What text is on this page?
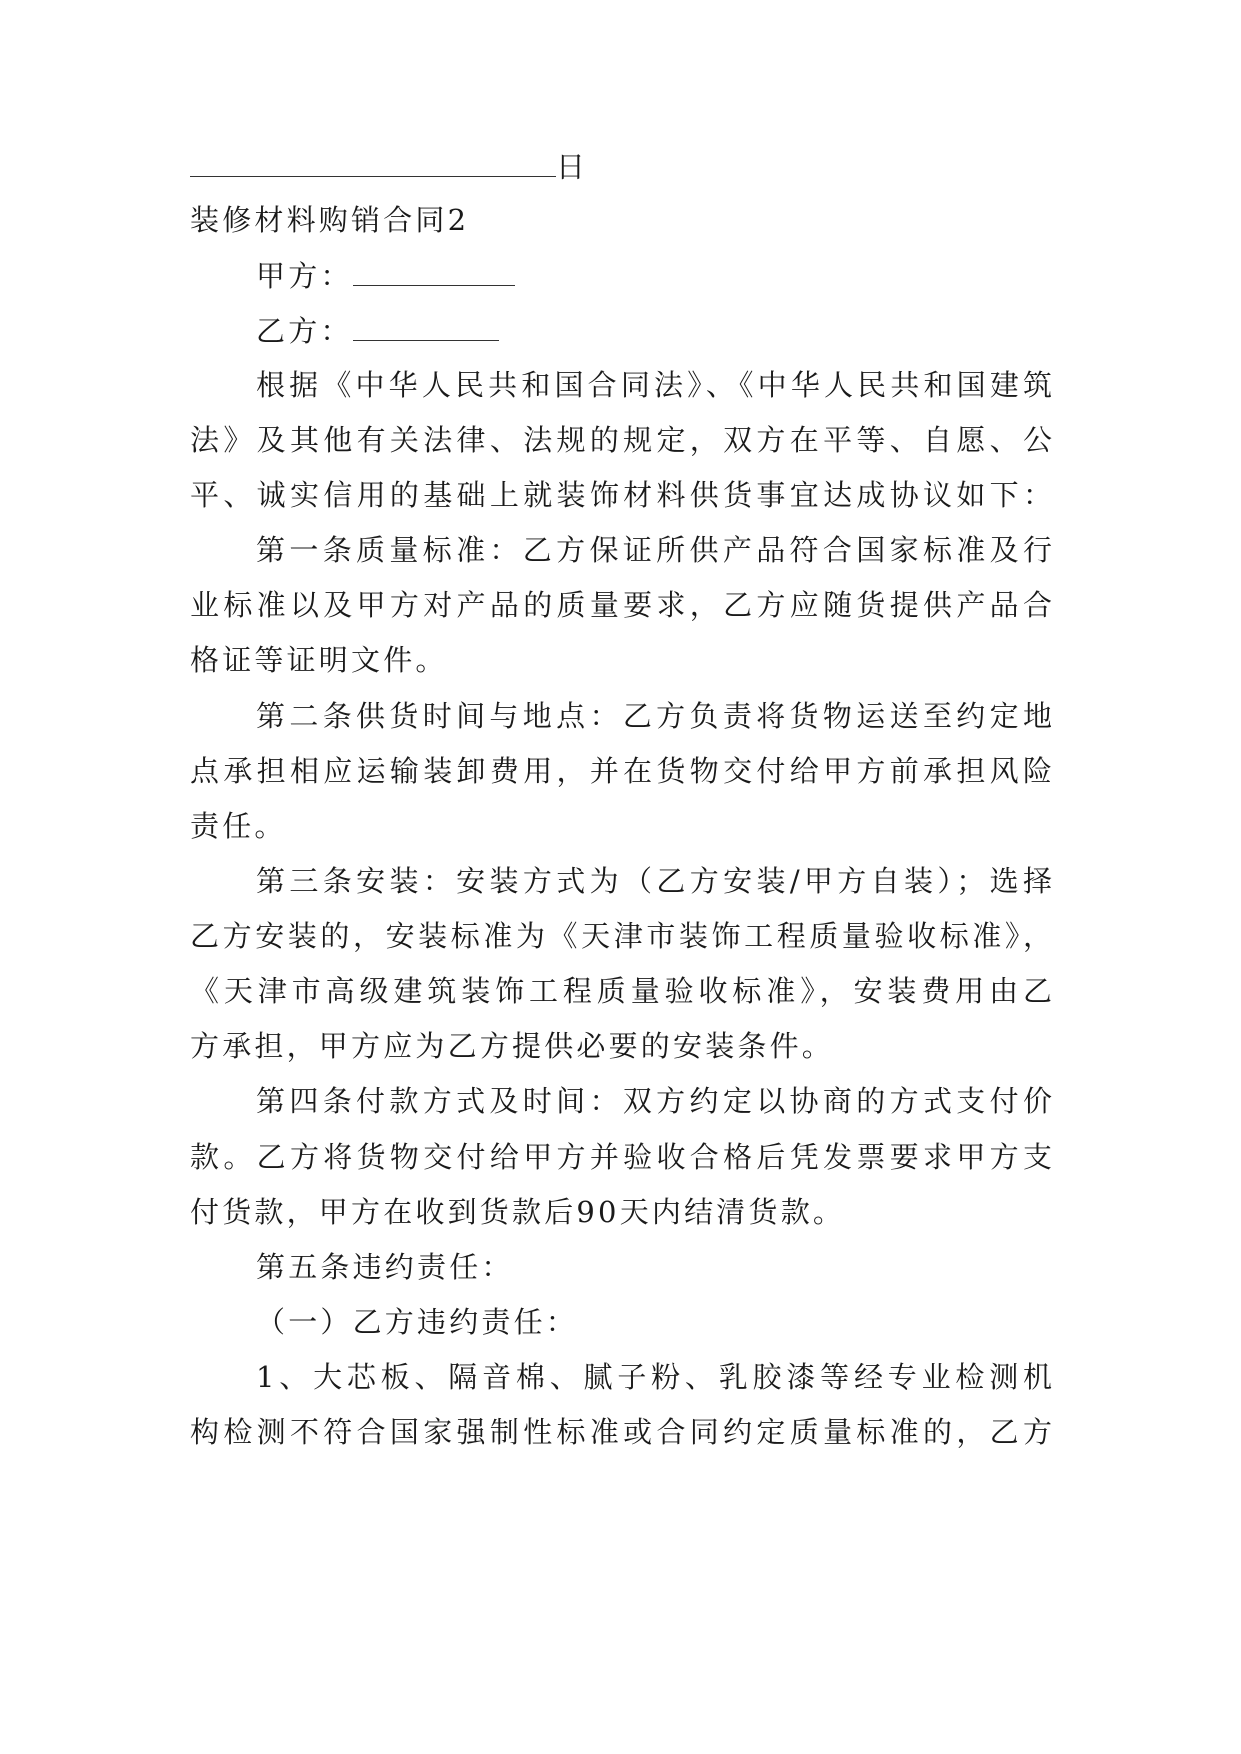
日
装修材料购销合同2
甲方：
乙方：
根据《中华人民共和国合同法》、《中华人民共和国建筑
法》及其他有关法律、法规的规定，双方在平等、自愿、公
平、诚实信用的基础上就装饰材料供货事宜达成协议如下：
第一条质量标准：乙方保证所供产品符合国家标准及行
业标准以及甲方对产品的质量要求，乙方应随货提供产品合
格证等证明文件。
第二条供货时间与地点：乙方负责将货物运送至约定地
点承担相应运输装卸费用，并在货物交付给甲方前承担风险
责任。
第三条安装：安装方式为（乙方安装/甲方自装）；选择
乙方安装的，安装标准为《天津市装饰工程质量验收标准》，
《天津市高级建筑装饰工程质量验收标准》，安装费用由乙
方承担，甲方应为乙方提供必要的安装条件。
第四条付款方式及时间：双方约定以协商的方式支付价
款。乙方将货物交付给甲方并验收合格后凭发票要求甲方支
付货款，甲方在收到货款后90天内结清货款。
第五条违约责任：
（一）乙方违约责任：
1、大芯板、隔音棉、腻子粉、乳胶漆等经专业检测机
构检测不符合国家强制性标准或合同约定质量标准的，乙方
